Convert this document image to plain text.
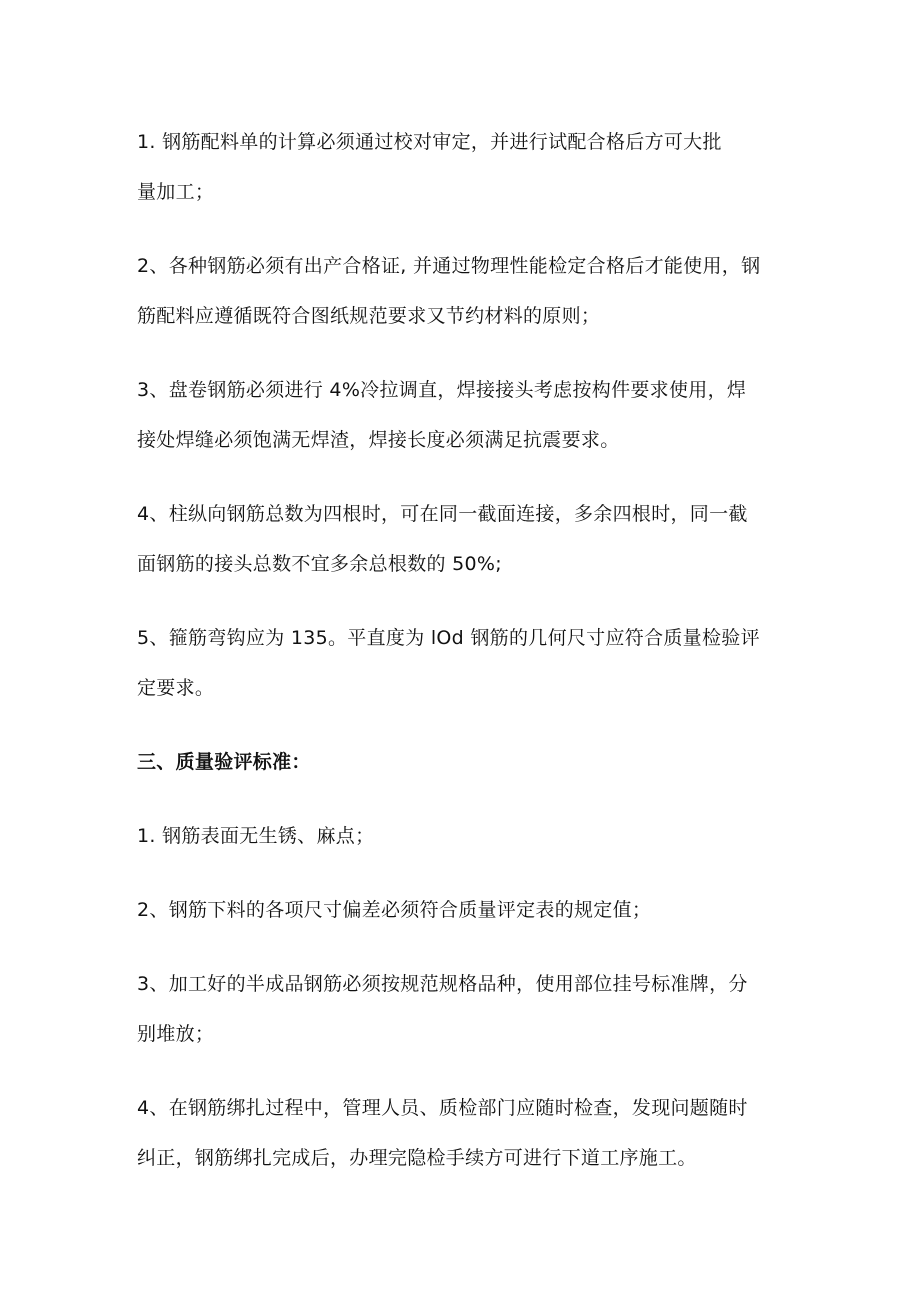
1. 钢筋配料单的计算必须通过校对审定，并进行试配合格后方可大批
量加工；
2、各种钢筋必须有出产合格证, 并通过物理性能检定合格后才能使用，钢
筋配料应遵循既符合图纸规范要求又节约材料的原则；
3、盘卷钢筋必须进行 4%冷拉调直，焊接接头考虑按构件要求使用，焊
接处焊缝必须饱满无焊渣，焊接长度必须满足抗震要求。
4、柱纵向钢筋总数为四根时，可在同一截面连接，多余四根时，同一截
面钢筋的接头总数不宜多余总根数的 50%;
5、箍筋弯钩应为 135。平直度为 lOd 钢筋的几何尺寸应符合质量检验评
定要求。
三、质量验评标准：
1. 钢筋表面无生锈、麻点；
2、钢筋下料的各项尺寸偏差必须符合质量评定表的规定值；
3、加工好的半成品钢筋必须按规范规格品种，使用部位挂号标准牌，分
别堆放；
4、在钢筋绑扎过程中，管理人员、质检部门应随时检查，发现问题随时
纠正，钢筋绑扎完成后，办理完隐检手续方可进行下道工序施工。
